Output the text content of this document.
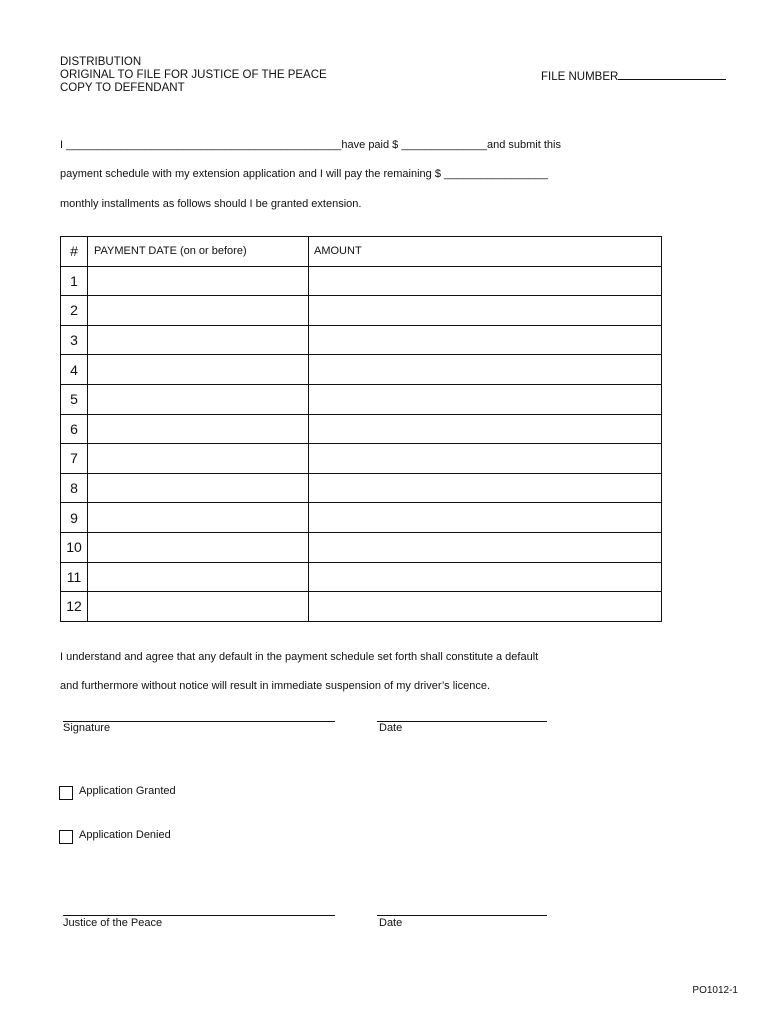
DISTRIBUTION
ORIGINAL TO FILE FOR JUSTICE OF THE PEACE
COPY TO DEFENDANT
FILE NUMBER
I _____________________________________________have paid $ ______________and submit this
payment schedule with my extension application and I will pay the remaining $ _________________
monthly installments as follows should I be granted extension.
#	PAYMENT DATE (on or before)	AMOUNT
1		
2		
3		
4		
5		
6		
7		
8		
9		
10		
11		
12		
I understand and agree that any default in the payment schedule set forth shall constitute a default
and furthermore without notice will result in immediate suspension of my driver’s licence.
Signature	Date
Application Granted
Application Denied
Justice of the Peace	Date
PO1012-1
